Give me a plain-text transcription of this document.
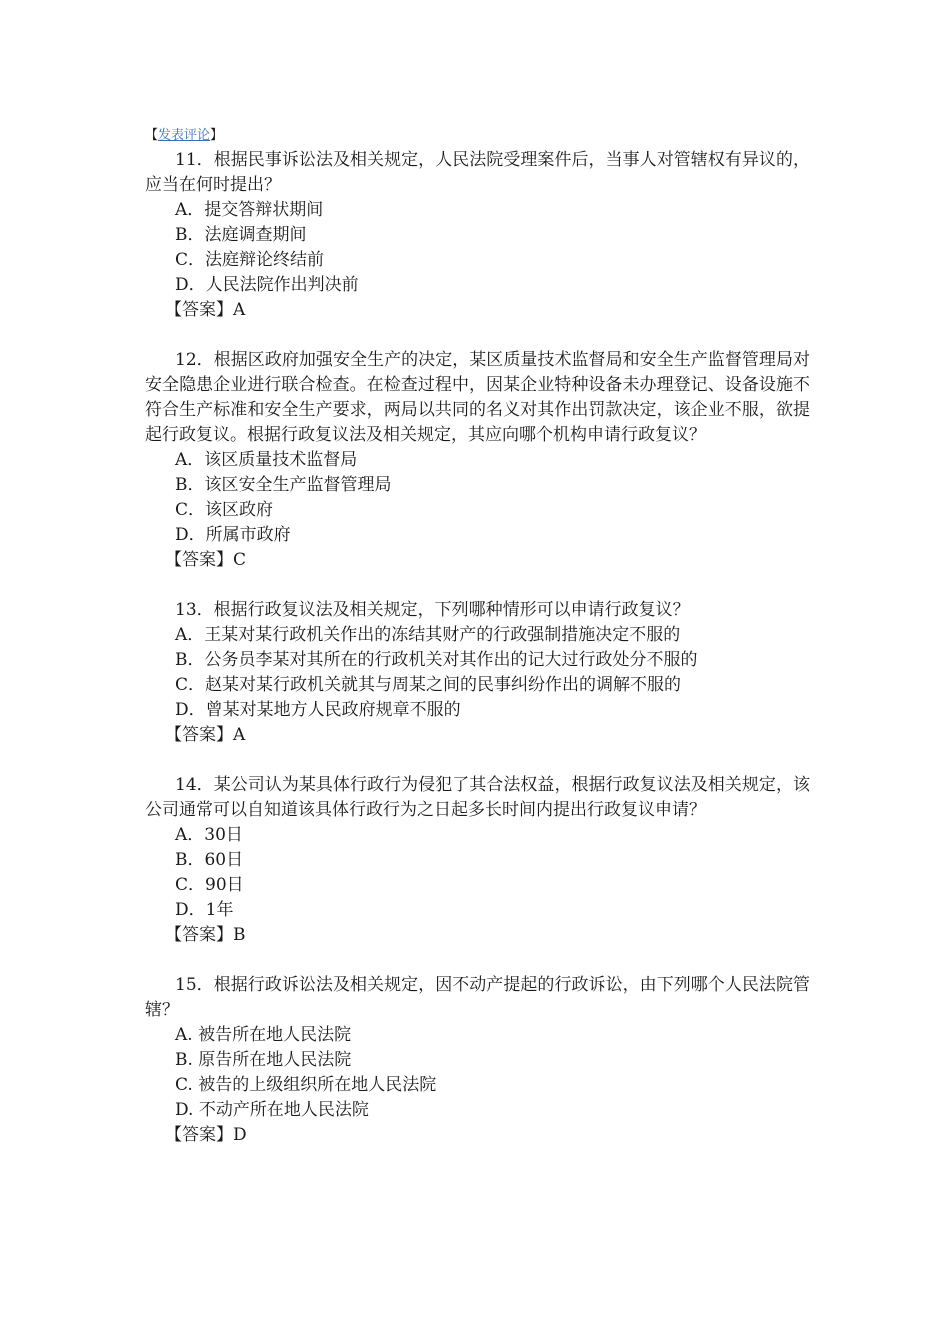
【发表评论】

11．根据民事诉讼法及相关规定，人民法院受理案件后，当事人对管辖权有异议的，应当在何时提出？

A．提交答辩状期间

B．法庭调查期间

C．法庭辩论终结前

D．人民法院作出判决前

【答案】A

12．根据区政府加强安全生产的决定，某区质量技术监督局和安全生产监督管理局对安全隐患企业进行联合检查。在检查过程中，因某企业特种设备未办理登记、设备设施不符合生产标准和安全生产要求，两局以共同的名义对其作出罚款决定，该企业不服，欲提起行政复议。根据行政复议法及相关规定，其应向哪个机构申请行政复议？

A．该区质量技术监督局

B．该区安全生产监督管理局

C．该区政府

D．所属市政府

【答案】C

13．根据行政复议法及相关规定，下列哪种情形可以申请行政复议？

A．王某对某行政机关作出的冻结其财产的行政强制措施决定不服的

B．公务员李某对其所在的行政机关对其作出的记大过行政处分不服的

C．赵某对某行政机关就其与周某之间的民事纠纷作出的调解不服的

D．曾某对某地方人民政府规章不服的

【答案】A

14．某公司认为某具体行政行为侵犯了其合法权益，根据行政复议法及相关规定，该公司通常可以自知道该具体行政行为之日起多长时间内提出行政复议申请？

A．30日

B．60日

C．90日

D．1年

【答案】B

15．根据行政诉讼法及相关规定，因不动产提起的行政诉讼，由下列哪个人民法院管辖？

A. 被告所在地人民法院

B. 原告所在地人民法院

C. 被告的上级组织所在地人民法院

D. 不动产所在地人民法院

【答案】D
